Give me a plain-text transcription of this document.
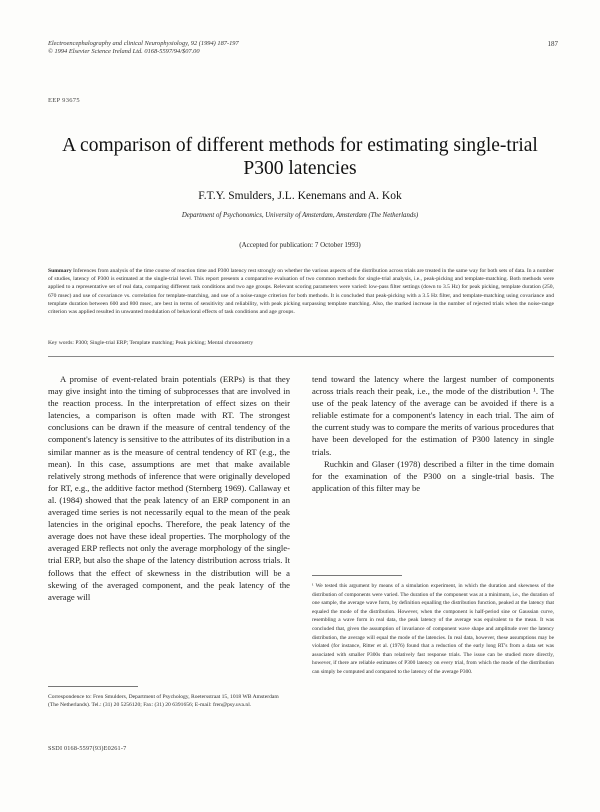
Electroencephalography and clinical Neurophysiology, 92 (1994) 187-197
© 1994 Elsevier Science Ireland Ltd. 0168-5597/94/$07.00
187
EEP 93675
A comparison of different methods for estimating single-trial P300 latencies
F.T.Y. Smulders, J.L. Kenemans and A. Kok
Department of Psychonomics, University of Amsterdam, Amsterdam (The Netherlands)
(Accepted for publication: 7 October 1993)
Summary Inferences from analysis of the time course of reaction time and P300 latency rest strongly on whether the various aspects of the distribution across trials are treated in the same way for both sets of data. In a number of studies, latency of P300 is estimated at the single-trial level. This report presents a comparative evaluation of two common methods for single-trial analysis, i.e., peak-picking and template-matching. Both methods were applied to a representative set of real data, comparing different task conditions and two age groups. Relevant scoring parameters were varied: low-pass filter settings (down to 3.5 Hz) for peak picking, template duration (250, 670 msec) and use of covariance vs. correlation for template-matching, and use of a noise-range criterion for both methods. It is concluded that peak-picking with a 3.5 Hz filter, and template-matching using covariance and template duration between 600 and 800 msec, are best in terms of sensitivity and reliability, with peak picking surpassing template matching. Also, the marked increase in the number of rejected trials when the noise-range criterion was applied resulted in unwanted modulation of behavioral effects of task conditions and age groups.
Key words: P300; Single-trial ERP; Template matching; Peak picking; Mental chronometry

A promise of event-related brain potentials (ERPs) is that they may give insight into the timing of subprocesses that are involved in the reaction process. In the interpretation of effect sizes on their latencies, a comparison is often made with RT. The strongest conclusions can be drawn if the measure of central tendency of the component's latency is sensitive to the attributes of its distribution in a similar manner as is the measure of central tendency of RT (e.g., the mean). In this case, assumptions are met that make available relatively strong methods of inference that were originally developed for RT, e.g., the additive factor method (Sternberg 1969). Callaway et al. (1984) showed that the peak latency of an ERP component in an averaged time series is not necessarily equal to the mean of the peak latencies in the original epochs. Therefore, the peak latency of the average does not have these ideal properties. The morphology of the averaged ERP reflects not only the average morphology of the single-trial ERP, but also the shape of the latency distribution across trials. It follows that the effect of skewness in the distribution will be a skewing of the averaged component, and the peak latency of the average will

tend toward the latency where the largest number of components across trials reach their peak, i.e., the mode of the distribution ¹. The use of the peak latency of the average can be avoided if there is a reliable estimate for a component's latency in each trial. The aim of the current study was to compare the merits of various procedures that have been developed for the estimation of P300 latency in single trials.

Ruchkin and Glaser (1978) described a filter in the time domain for the examination of the P300 on a single-trial basis. The application of this filter may be

¹ We tested this argument by means of a simulation experiment, in which the duration and skewness of the distribution of components were varied. The duration of the component was at a minimum, i.e., the duration of one sample, the average wave form, by definition equalling the distribution function, peaked at the latency that equaled the mode of the distribution. However, when the component is half-period sine or Gaussian curve, resembling a wave form in real data, the peak latency of the average was equivalent to the mean. It was concluded that, given the assumption of invariance of component wave shape and amplitude over the latency distribution, the average will equal the mode of the latencies. In real data, however, these assumptions may be violated (for instance, Ritter et al. (1976) found that a reduction of the early long RT's from a data set was associated with smaller P300s than relatively fast response trials. The issue can be studied more directly, however, if there are reliable estimates of P300 latency on every trial, from which the mode of the distribution can simply be computed and compared to the latency of the average P300.
Correspondence to: Fren Smulders, Department of Psychology, Roetersstraat 15, 1018 WB Amsterdam (The Netherlands). Tel.: (31) 20 5256120; Fax: (31) 20 6391656; E-mail: fren@psy.uva.nl.
SSDI 0168-5597(93)E0261-7
